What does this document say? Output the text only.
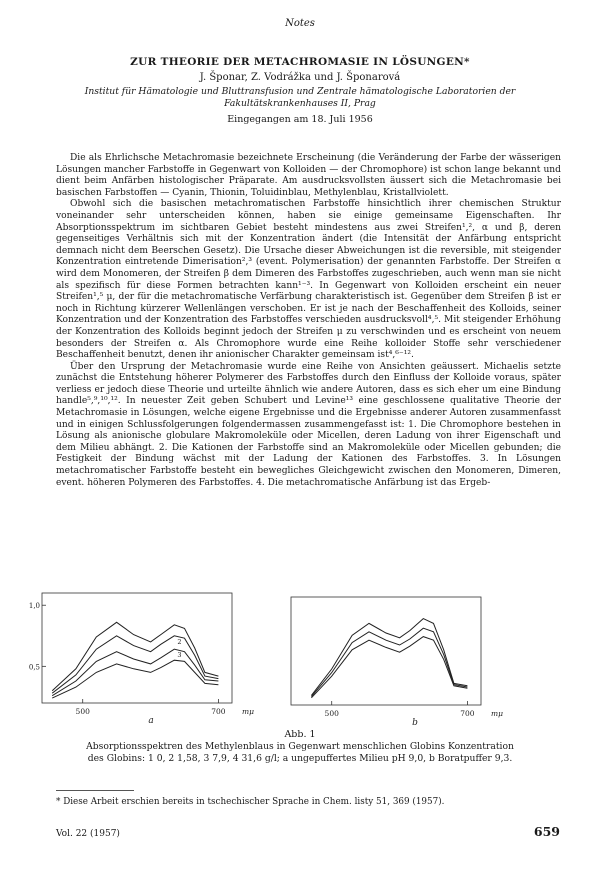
Notes
ZUR THEORIE DER METACHROMASIE IN LÖSUNGEN*
J. Šponar, Z. Vodrážka und J. Šponarová
Institut für Hämatologie und Bluttransfusion und Zentrale hämatologische Laboratorien der Fakultätskrankenhauses II, Prag
Eingegangen am 18. Juli 1956

Die als Ehrlichsche Metachromasie bezeichnete Erscheinung (die Veränderung der Farbe der wässerigen Lösungen mancher Farbstoffe in Gegenwart von Kolloiden — der Chromophore) ist schon lange bekannt und dient beim Anfärben histologischer Präparate. Am ausdrucksvollsten äussert sich die Metachromasie bei basischen Farbstoffen — Cyanin, Thionin, Toluidinblau, Methylenblau, Kristallviolett.

Obwohl sich die basischen metachromatischen Farbstoffe hinsichtlich ihrer chemischen Struktur voneinander sehr unterscheiden können, haben sie einige gemeinsame Eigenschaften. Ihr Absorptionsspektrum im sichtbaren Gebiet besteht mindestens aus zwei Streifen¹,², α und β, deren gegenseitiges Verhältnis sich mit der Konzentration ändert (die Intensität der Anfärbung entspricht demnach nicht dem Beerschen Gesetz). Die Ursache dieser Abweichungen ist die reversible, mit steigender Konzentration eintretende Dimerisation²,³ (event. Polymerisation) der genannten Farbstoffe. Der Streifen α wird dem Monomeren, der Streifen β dem Dimeren des Farbstoffes zugeschrieben, auch wenn man sie nicht als spezifisch für diese Formen betrachten kann¹⁻³. In Gegenwart von Kolloiden erscheint ein neuer Streifen¹,⁵ μ, der für die metachromatische Verfärbung charakteristisch ist. Gegenüber dem Streifen β ist er noch in Richtung kürzerer Wellenlängen verschoben. Er ist je nach der Beschaffenheit des Kolloids, seiner Konzentration und der Konzentration des Farbstoffes verschieden ausdrucksvoll⁴,⁵. Mit steigender Erhöhung der Konzentration des Kolloids beginnt jedoch der Streifen μ zu verschwinden und es erscheint von neuem besonders der Streifen α. Als Chromophore wurde eine Reihe kolloider Stoffe sehr verschiedener Beschaffenheit benutzt, denen ihr anionischer Charakter gemeinsam ist⁴,⁶⁻¹².

Über den Ursprung der Metachromasie wurde eine Reihe von Ansichten geäussert. Michaelis setzte zunächst die Entstehung höherer Polymerer des Farbstoffes durch den Einfluss der Kolloide voraus, später verliess er jedoch diese Theorie und urteilte ähnlich wie andere Autoren, dass es sich eher um eine Bindung handle⁵,⁹,¹⁰,¹². In neuester Zeit geben Schubert und Levine¹³ eine geschlossene qualitative Theorie der Metachromasie in Lösungen, welche eigene Ergebnisse und die Ergebnisse anderer Autoren zusammenfasst und in einigen Schlussfolgerungen folgendermassen zusammengefasst ist: 1. Die Chromophore bestehen in Lösung als anionische globulare Makromoleküle oder Micellen, deren Ladung von ihrer Eigenschaft und dem Milieu abhängt. 2. Die Kationen der Farbstoffe sind an Makromoleküle oder Micellen gebunden; die Festigkeit der Bindung wächst mit der Ladung der Kationen des Farbstoffes. 3. In Lösungen metachromatischer Farbstoffe besteht ein bewegliches Gleichgewicht zwischen den Monomeren, Dimeren, event. höheren Polymeren des Farbstoffes. 4. Die metachromatische Anfärbung ist das Ergeb-

500	700 mμ
1,0
0,5
2
3
a
500	700 mμ
b
Abb. 1
Absorptionsspektren des Methylenblaus in Gegenwart menschlichen Globins Konzentration des Globins: 1 0, 2 1,58, 3 7,9, 4 31,6 g/l; a ungepuffertes Milieu pH 9,0, b Boratpuffer 9,3.
* Diese Arbeit erschien bereits in tschechischer Sprache in Chem. listy 51, 369 (1957).
Vol. 22 (1957)	659
